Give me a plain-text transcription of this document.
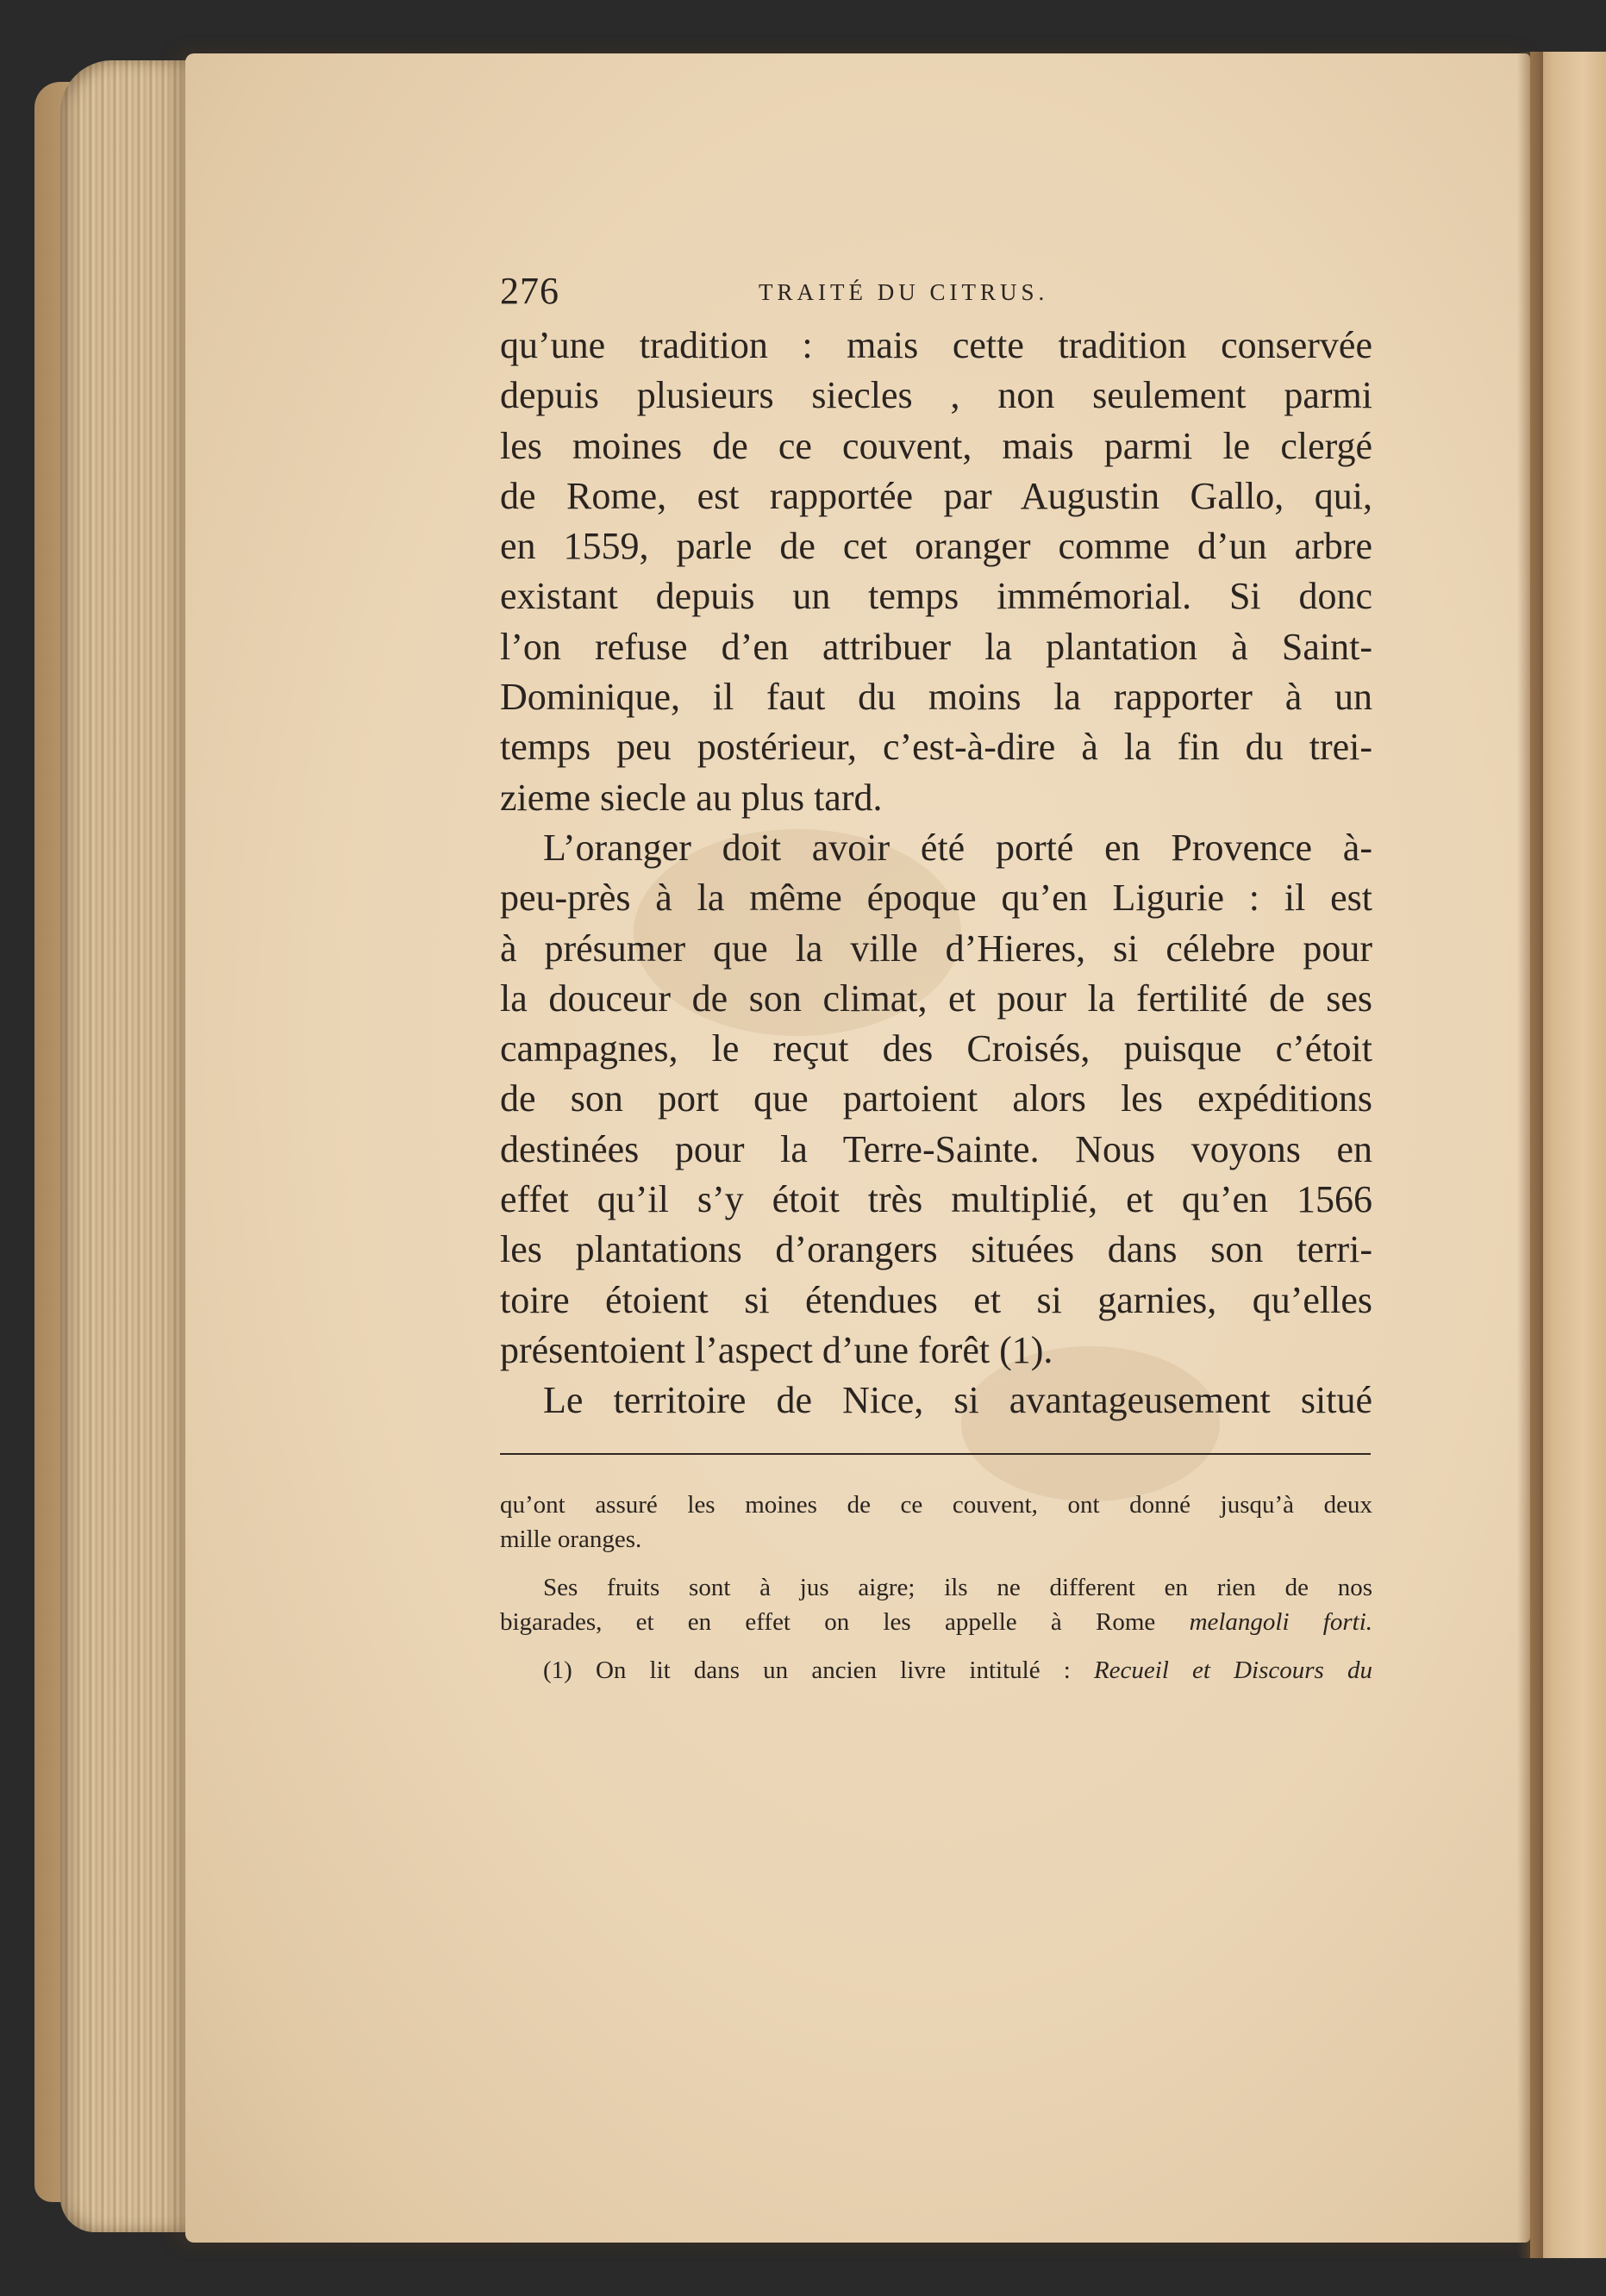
276	TRAITÉ DU CITRUS.
qu’une tradition : mais cette tradition conservée
depuis plusieurs siecles , non seulement parmi
les moines de ce couvent, mais parmi le clergé
de Rome, est rapportée par Augustin Gallo, qui,
en 1559, parle de cet oranger comme d’un arbre
existant depuis un temps immémorial. Si donc
l’on refuse d’en attribuer la plantation à Saint-
Dominique, il faut du moins la rapporter à un
temps peu postérieur, c’est-à-dire à la fin du trei-
zieme siecle au plus tard.
L’oranger doit avoir été porté en Provence à-
peu-près à la même époque qu’en Ligurie : il est
à présumer que la ville d’Hieres, si célebre pour
la douceur de son climat, et pour la fertilité de ses
campagnes, le reçut des Croisés, puisque c’étoit
de son port que partoient alors les expéditions
destinées pour la Terre-Sainte. Nous voyons en
effet qu’il s’y étoit très multiplié, et qu’en 1566
les plantations d’orangers situées dans son terri-
toire étoient si étendues et si garnies, qu’elles
présentoient l’aspect d’une forêt (1).
Le territoire de Nice, si avantageusement situé
qu’ont assuré les moines de ce couvent, ont donné jusqu’à deux
mille oranges.
Ses fruits sont à jus aigre; ils ne different en rien de nos
bigarades, et en effet on les appelle à Rome melangoli forti.
(1) On lit dans un ancien livre intitulé : Recueil et Discours du
